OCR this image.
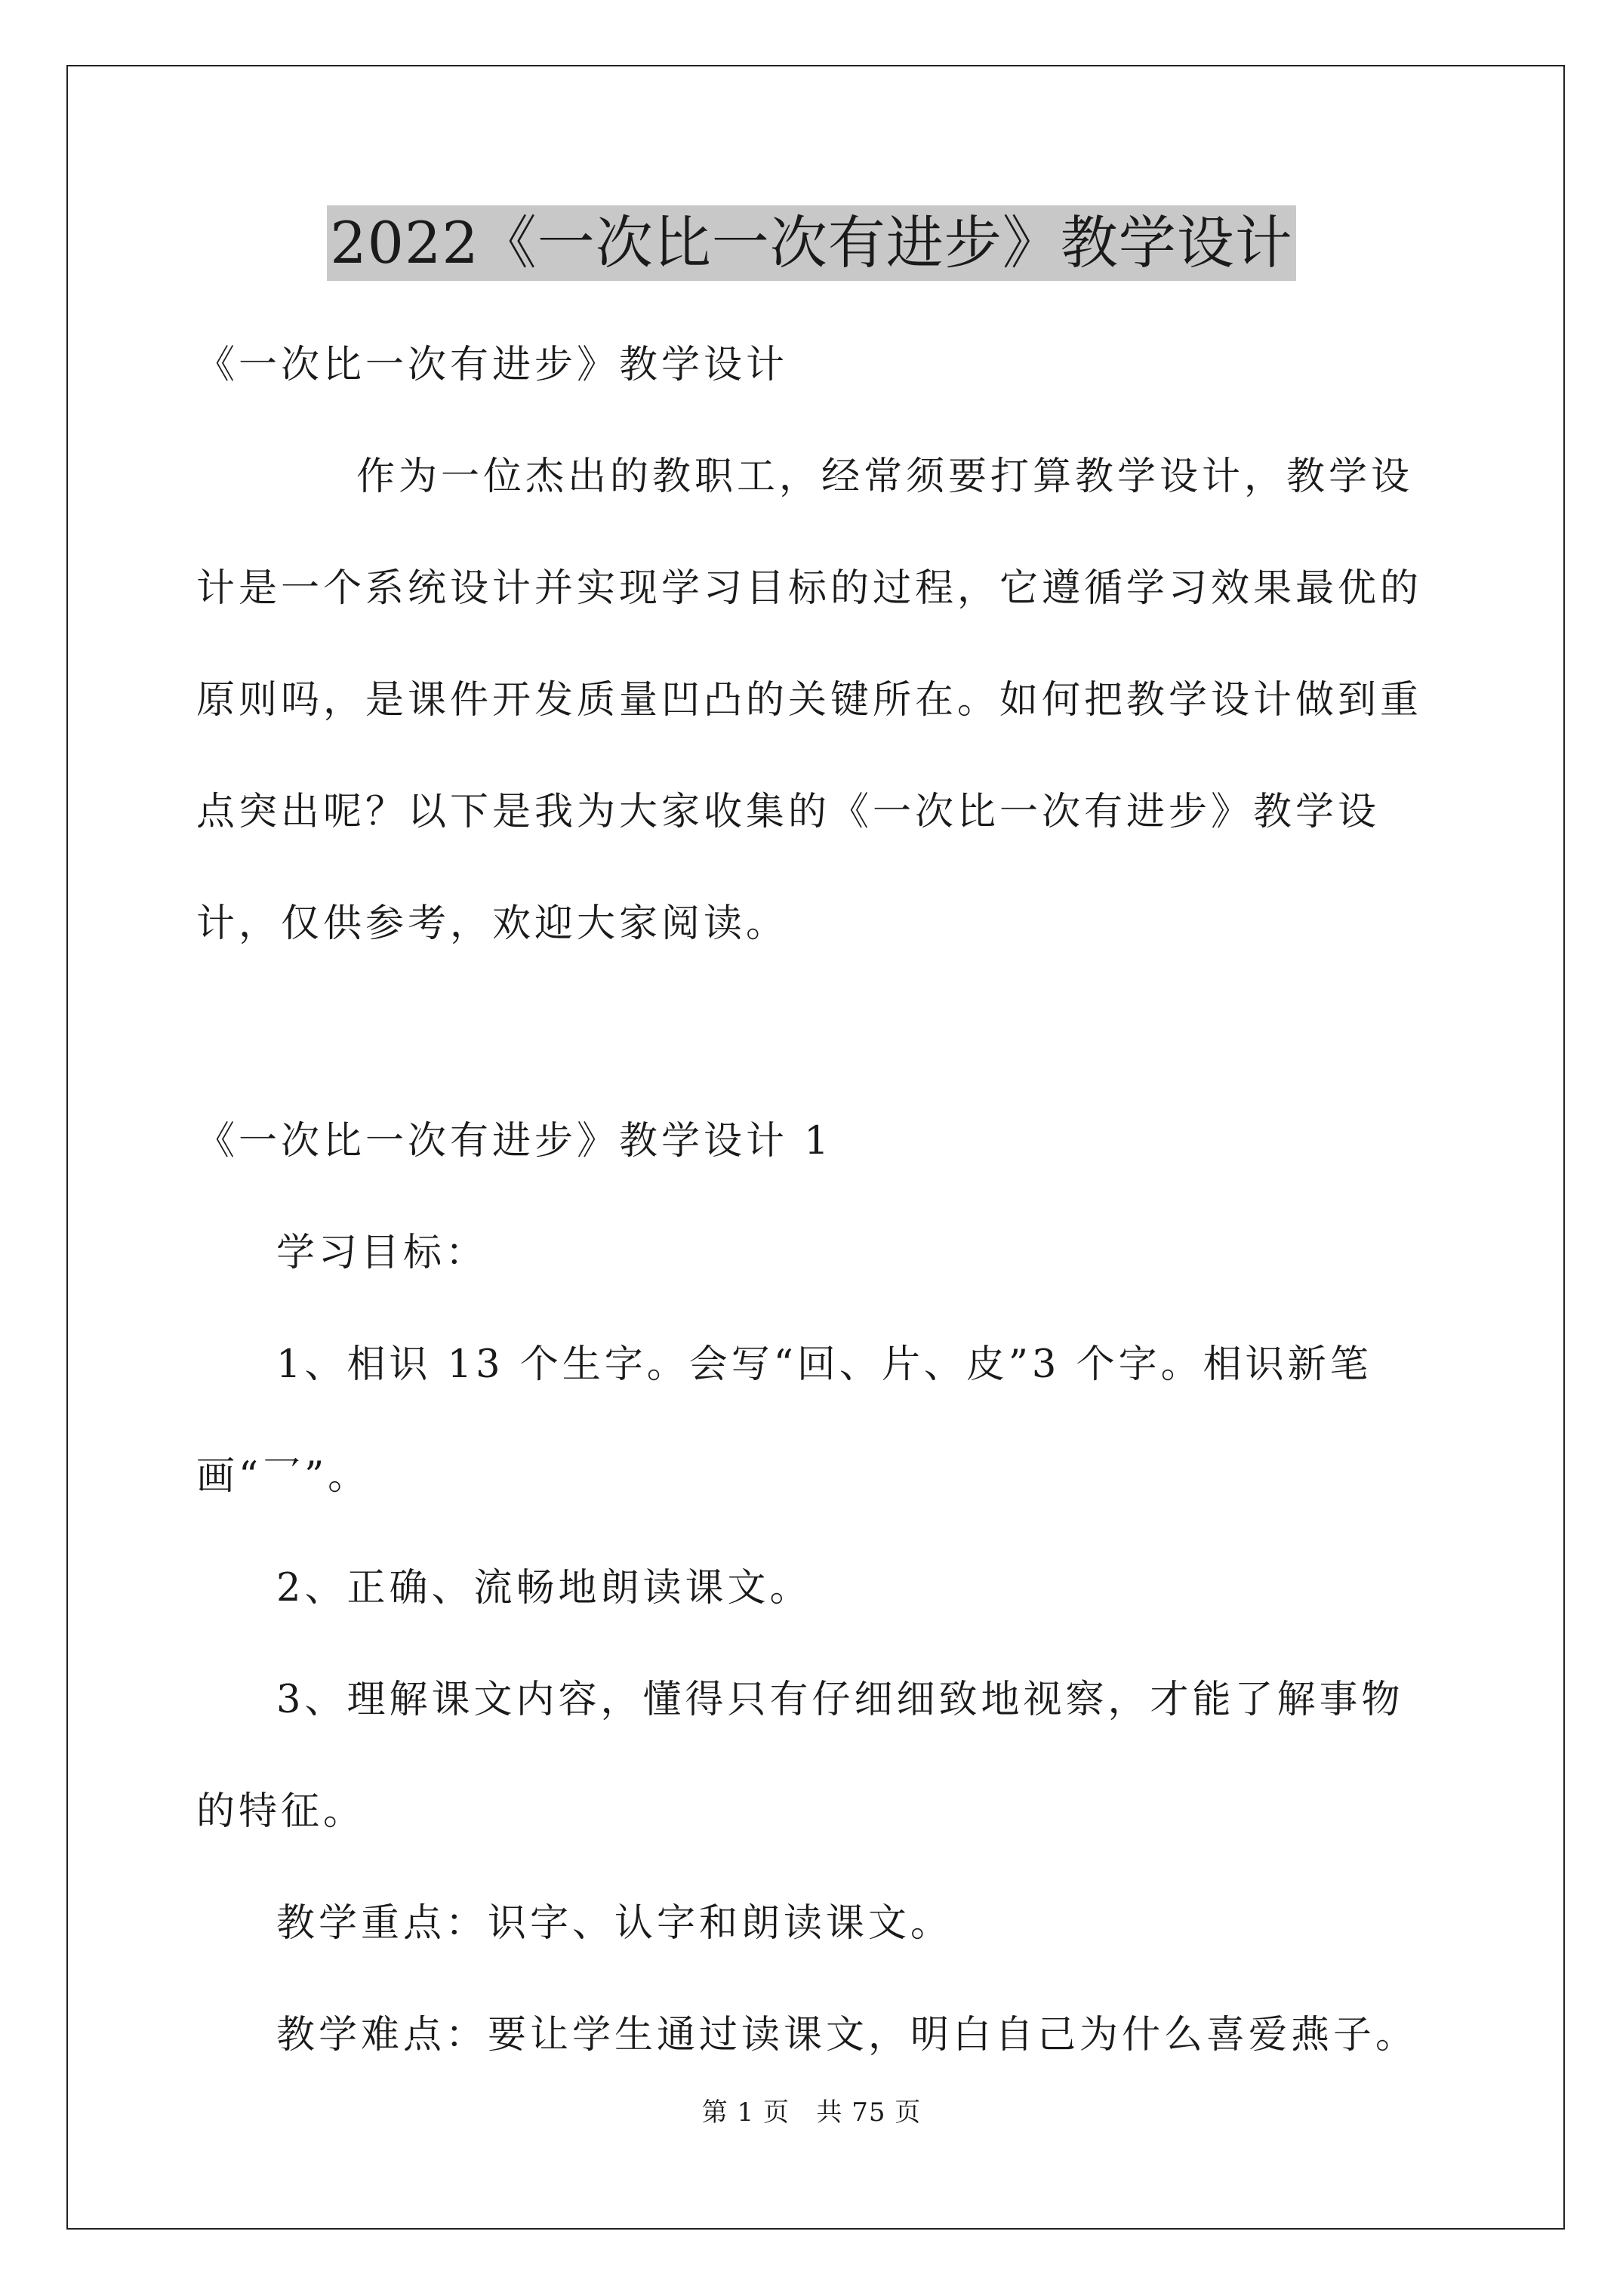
2022《一次比一次有进步》教学设计

《一次比一次有进步》教学设计

作为一位杰出的教职工，经常须要打算教学设计，教学设计是一个系统设计并实现学习目标的过程，它遵循学习效果最优的原则吗，是课件开发质量凹凸的关键所在。如何把教学设计做到重点突出呢？以下是我为大家收集的《一次比一次有进步》教学设计，仅供参考，欢迎大家阅读。

《一次比一次有进步》教学设计 1

学习目标：

1、相识 13 个生字。会写“回、片、皮”3 个字。相识新笔画“乛”。

2、正确、流畅地朗读课文。

3、理解课文内容，懂得只有仔细细致地视察，才能了解事物的特征。

教学重点：识字、认字和朗读课文。

教学难点：要让学生通过读课文，明白自己为什么喜爱燕子。

第 1 页 共 75 页
